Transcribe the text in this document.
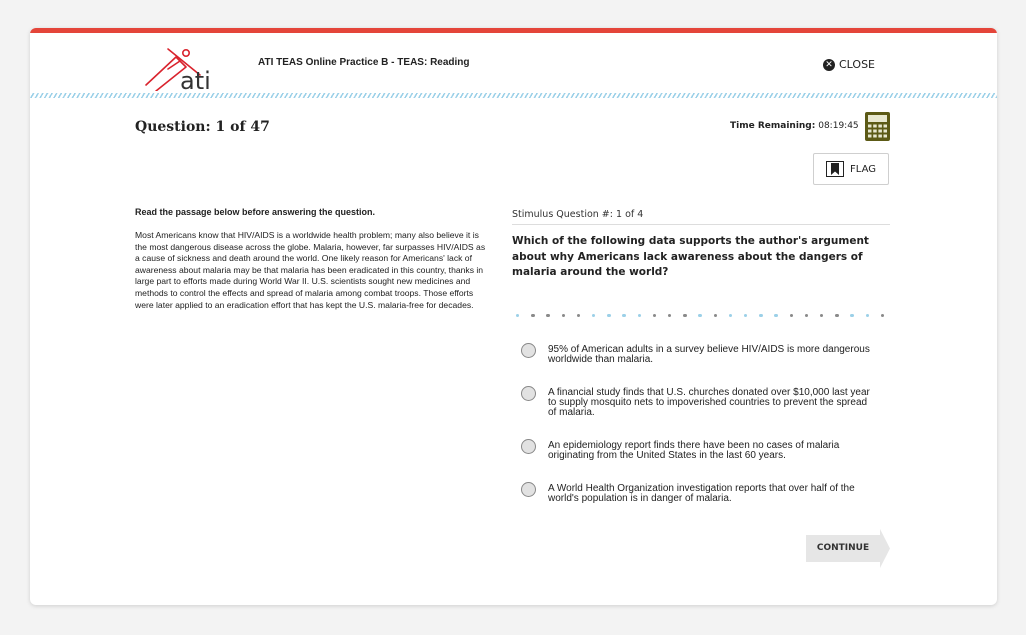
ati
ATI TEAS Online Practice B - TEAS: Reading	✕ CLOSE
Question: 1 of 47	Time Remaining: 08:19:45
FLAG

Read the passage below before answering the question.

Most Americans know that HIV/AIDS is a worldwide health problem; many also believe it is the most dangerous disease across the globe. Malaria, however, far surpasses HIV/AIDS as a cause of sickness and death around the world. One likely reason for Americans' lack of awareness about malaria may be that malaria has been eradicated in this country, thanks in large part to efforts made during World War II. U.S. scientists sought new medicines and methods to control the effects and spread of malaria among combat troops. Those efforts were later applied to an eradication effort that has kept the U.S. malaria-free for decades.

Stimulus Question #: 1 of 4

Which of the following data supports the author's argument about why Americans lack awareness about the dangers of malaria around the world?

95% of American adults in a survey believe HIV/AIDS is more dangerous worldwide than malaria.
A financial study finds that U.S. churches donated over $10,000 last year to supply mosquito nets to impoverished countries to prevent the spread of malaria.
An epidemiology report finds there have been no cases of malaria originating from the United States in the last 60 years.
A World Health Organization investigation reports that over half of the world's population is in danger of malaria.
CONTINUE
